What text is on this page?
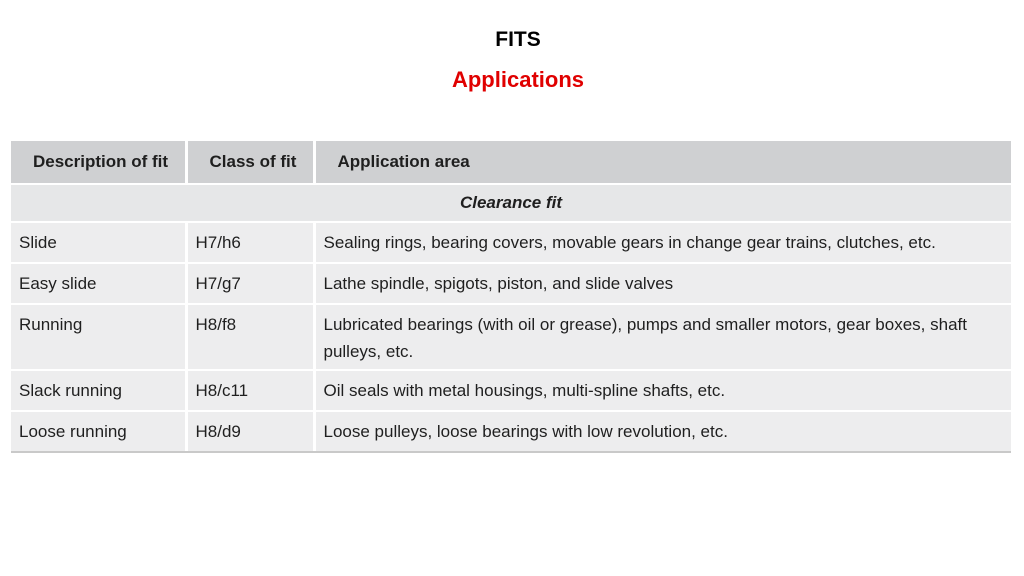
FITS
Applications
Description of fit	Class of fit	Application area
Clearance fit		
Slide	H7/h6	Sealing rings, bearing covers, movable gears in change gear trains, clutches, etc.
Easy slide	H7/g7	Lathe spindle, spigots, piston, and slide valves
Running	H8/f8	Lubricated bearings (with oil or grease), pumps and smaller motors, gear boxes, shaft pulleys, etc.
Slack running	H8/c11	Oil seals with metal housings, multi-spline shafts, etc.
Loose running	H8/d9	Loose pulleys, loose bearings with low revolution, etc.
